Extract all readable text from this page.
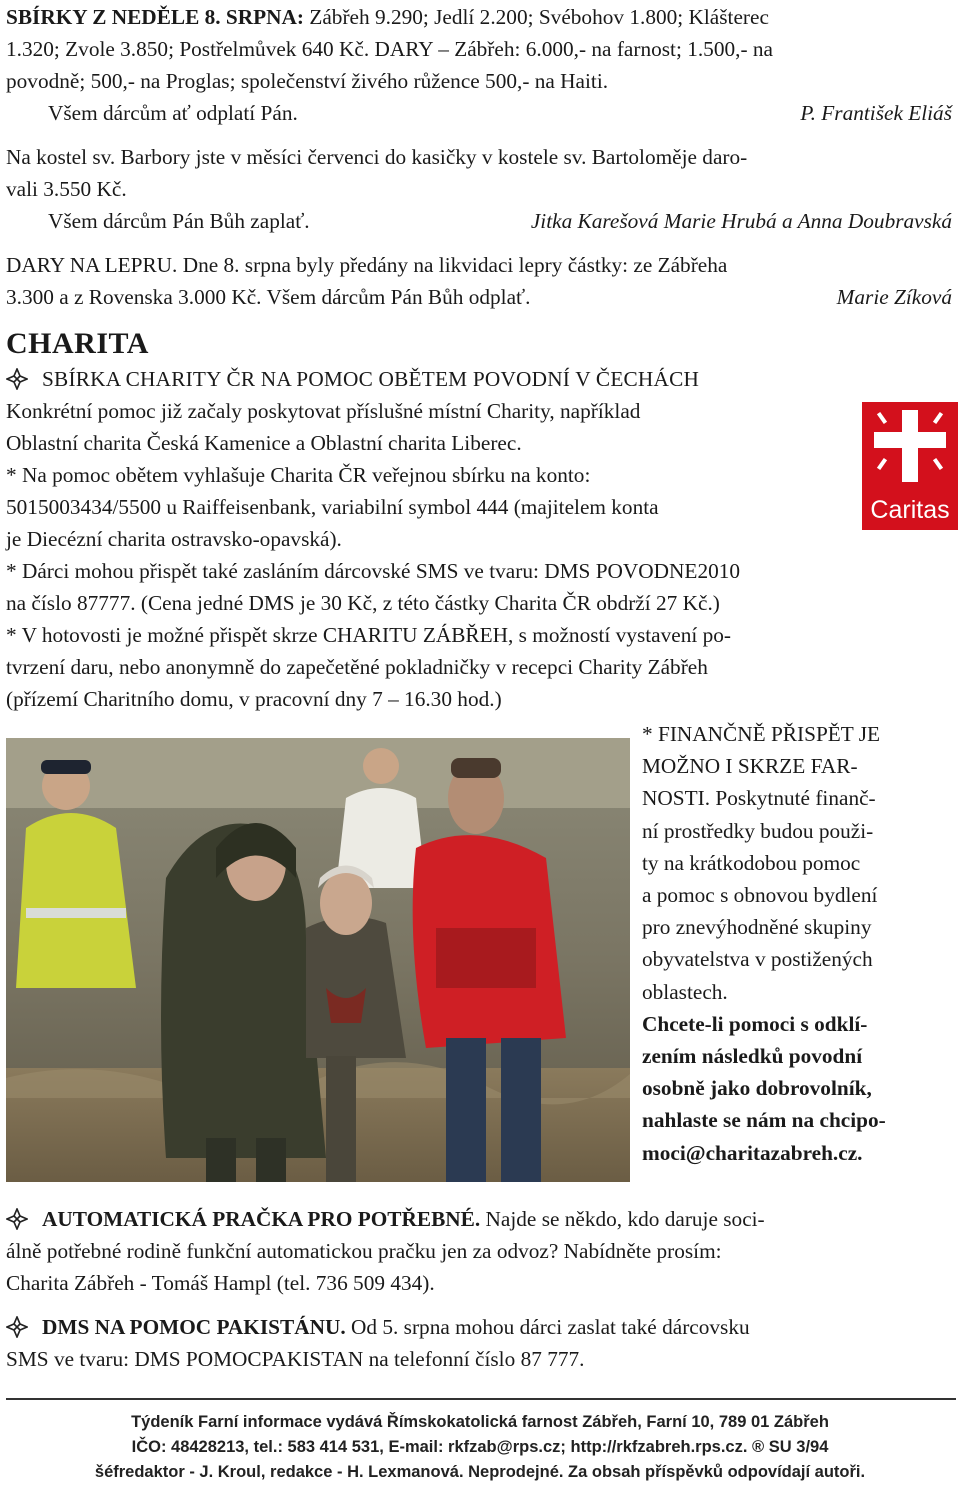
SBÍRKY Z NEDĚLE 8. SRPNA: Zábřeh 9.290; Jedlí 2.200; Svébohov 1.800; Klášterec
1.320; Zvole 3.850; Postřelmůvek 640 Kč. DARY – Zábřeh: 6.000,- na farnost; 1.500,- na
povodně; 500,- na Proglas; společenství živého růžence 500,- na Haiti.
Všem dárcům ať odplatí Pán.	P. František Eliáš
Na kostel sv. Barbory jste v měsíci červenci do kasičky v kostele sv. Bartoloměje daro-
vali 3.550 Kč.
Všem dárcům Pán Bůh zaplať.	Jitka Karešová Marie Hrubá a Anna Doubravská
DARY NA LEPRU. Dne 8. srpna byly předány na likvidaci lepry částky: ze Zábřeha
3.300 a z Rovenska 3.000 Kč. Všem dárcům Pán Bůh odplať.	Marie Zíková
CHARITA
SBÍRKA CHARITY ČR NA POMOC OBĚTEM POVODNÍ V ČECHÁCH
Konkrétní pomoc již začaly poskytovat příslušné místní Charity, například
Oblastní charita Česká Kamenice a Oblastní charita Liberec.
* Na pomoc obětem vyhlašuje Charita ČR veřejnou sbírku na konto:
5015003434/5500 u Raiffeisenbank, variabilní symbol 444 (majitelem konta
je Diecézní charita ostravsko-opavská).
* Dárci mohou přispět také zasláním dárcovské SMS ve tvaru: DMS POVODNE2010
na číslo 87777. (Cena jedné DMS je 30 Kč, z této částky Charita ČR obdrží 27 Kč.)
* V hotovosti je možné přispět skrze CHARITU ZÁBŘEH, s možností vystavení po-
tvrzení daru, nebo anonymně do zapečetěné pokladničky v recepci Charity Zábřeh
(přízemí Charitního domu, v pracovní dny 7 – 16.30 hod.)
Caritas
* FINANČNĚ PŘISPĚT JE
MOŽNO I SKRZE FAR-
NOSTI. Poskytnuté finanč-
ní prostředky budou použi-
ty na krátkodobou pomoc
a pomoc s obnovou bydlení
pro znevýhodněné skupiny
obyvatelstva v postižených
oblastech.
Chcete-li pomoci s odklí-
zením následků povodní
osobně jako dobrovolník,
nahlaste se nám na chcipo-
moci@charitazabreh.cz.
AUTOMATICKÁ PRAČKA PRO POTŘEBNÉ. Najde se někdo, kdo daruje soci-
álně potřebné rodině funkční automatickou pračku jen za odvoz? Nabídněte prosím:
Charita Zábřeh - Tomáš Hampl (tel. 736 509 434).
DMS NA POMOC PAKISTÁNU. Od 5. srpna mohou dárci zaslat také dárcovsku
SMS ve tvaru: DMS POMOCPAKISTAN na telefonní číslo 87 777.
Týdeník Farní informace vydává Římskokatolická farnost Zábřeh, Farní 10, 789 01 Zábřeh
IČO: 48428213, tel.: 583 414 531, E-mail: rkfzab@rps.cz; http://rkfzabreh.rps.cz. ® SU 3/94
šéfredaktor - J. Kroul, redakce - H. Lexmanová. Neprodejné. Za obsah příspěvků odpovídají autoři.
